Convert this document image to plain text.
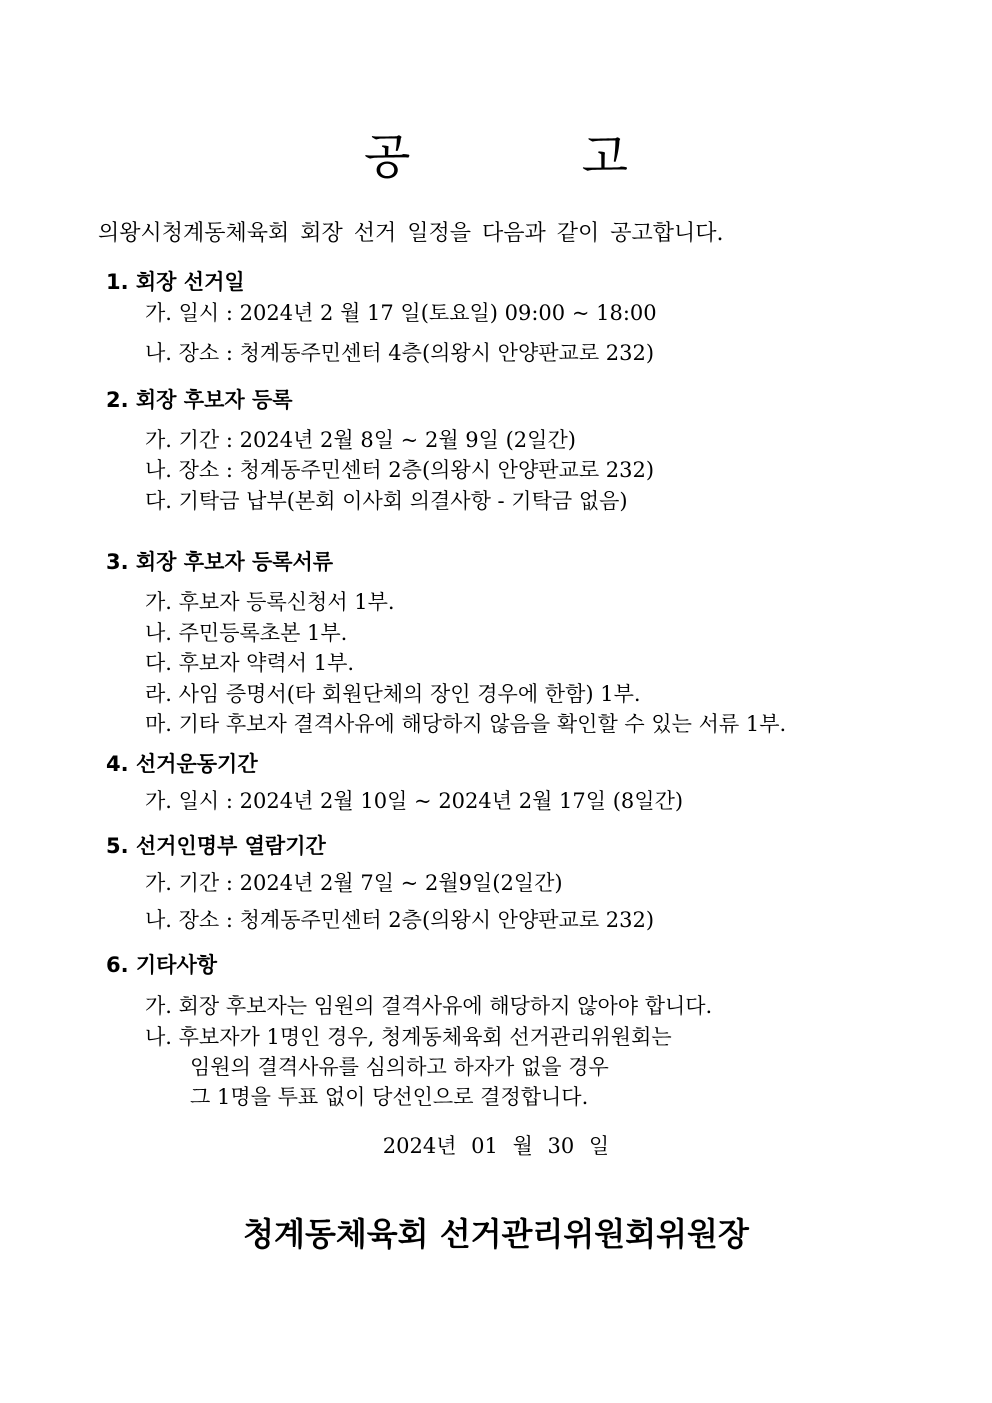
공 고
의왕시청계동체육회 회장 선거 일정을 다음과 같이 공고합니다.
1. 회장 선거일
가. 일시 : 2024년 2 월 17 일(토요일) 09:00 ~ 18:00
나. 장소 : 청계동주민센터 4층(의왕시 안양판교로 232)
2. 회장 후보자 등록
가. 기간 : 2024년 2월 8일 ~ 2월 9일 (2일간)
나. 장소 : 청계동주민센터 2층(의왕시 안양판교로 232)
다. 기탁금 납부(본회 이사회 의결사항 - 기탁금 없음)
3. 회장 후보자 등록서류
가. 후보자 등록신청서 1부.
나. 주민등록초본 1부.
다. 후보자 약력서 1부.
라. 사임 증명서(타 회원단체의 장인 경우에 한함) 1부.
마. 기타 후보자 결격사유에 해당하지 않음을 확인할 수 있는 서류 1부.
4. 선거운동기간
가. 일시 : 2024년 2월 10일 ~ 2024년 2월 17일 (8일간)
5. 선거인명부 열람기간
가. 기간 : 2024년 2월 7일 ~ 2월9일(2일간)
나. 장소 : 청계동주민센터 2층(의왕시 안양판교로 232)
6. 기타사항
가. 회장 후보자는 임원의 결격사유에 해당하지 않아야 합니다.
나. 후보자가 1명인 경우, 청계동체육회 선거관리위원회는
임원의 결격사유를 심의하고 하자가 없을 경우
그 1명을 투표 없이 당선인으로 결정합니다.
2024년 01 월 30 일
청계동체육회 선거관리위원회위원장
